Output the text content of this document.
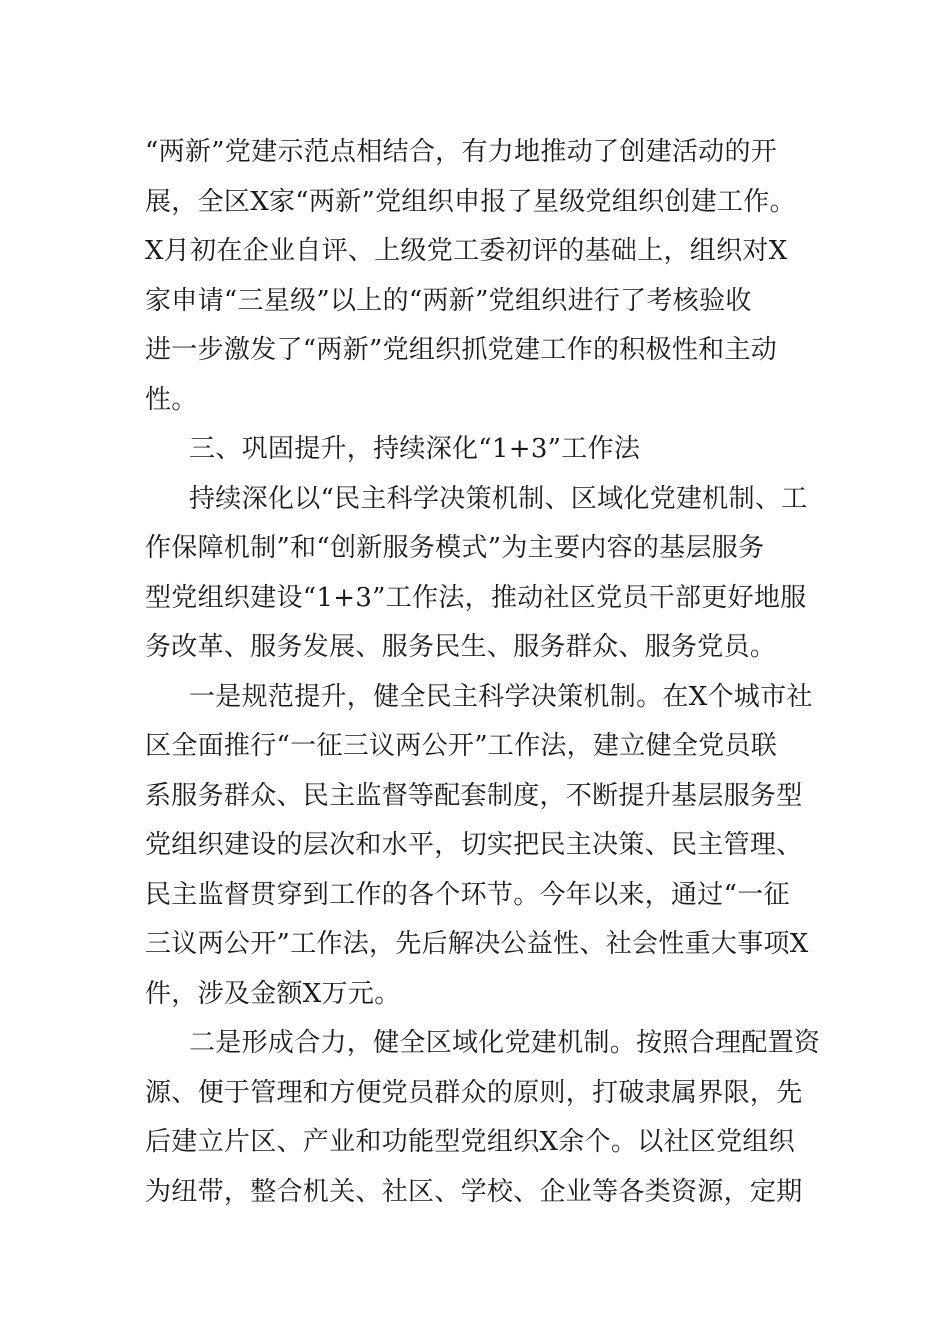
“两新”党建示范点相结合，有力地推动了创建活动的开
展，全区X家“两新”党组织申报了星级党组织创建工作。
X月初在企业自评、上级党工委初评的基础上，组织对X
家申请“三星级”以上的“两新”党组织进行了考核验收
进一步激发了“两新”党组织抓党建工作的积极性和主动
性。
三、巩固提升，持续深化“1+3”工作法
持续深化以“民主科学决策机制、区域化党建机制、工
作保障机制”和“创新服务模式”为主要内容的基层服务
型党组织建设“1+3”工作法，推动社区党员干部更好地服
务改革、服务发展、服务民生、服务群众、服务党员。
一是规范提升，健全民主科学决策机制。在X个城市社
区全面推行“一征三议两公开”工作法，建立健全党员联
系服务群众、民主监督等配套制度，不断提升基层服务型
党组织建设的层次和水平，切实把民主决策、民主管理、
民主监督贯穿到工作的各个环节。今年以来，通过“一征
三议两公开”工作法，先后解决公益性、社会性重大事项X
件，涉及金额X万元。
二是形成合力，健全区域化党建机制。按照合理配置资
源、便于管理和方便党员群众的原则，打破隶属界限，先
后建立片区、产业和功能型党组织X余个。以社区党组织
为纽带，整合机关、社区、学校、企业等各类资源，定期
